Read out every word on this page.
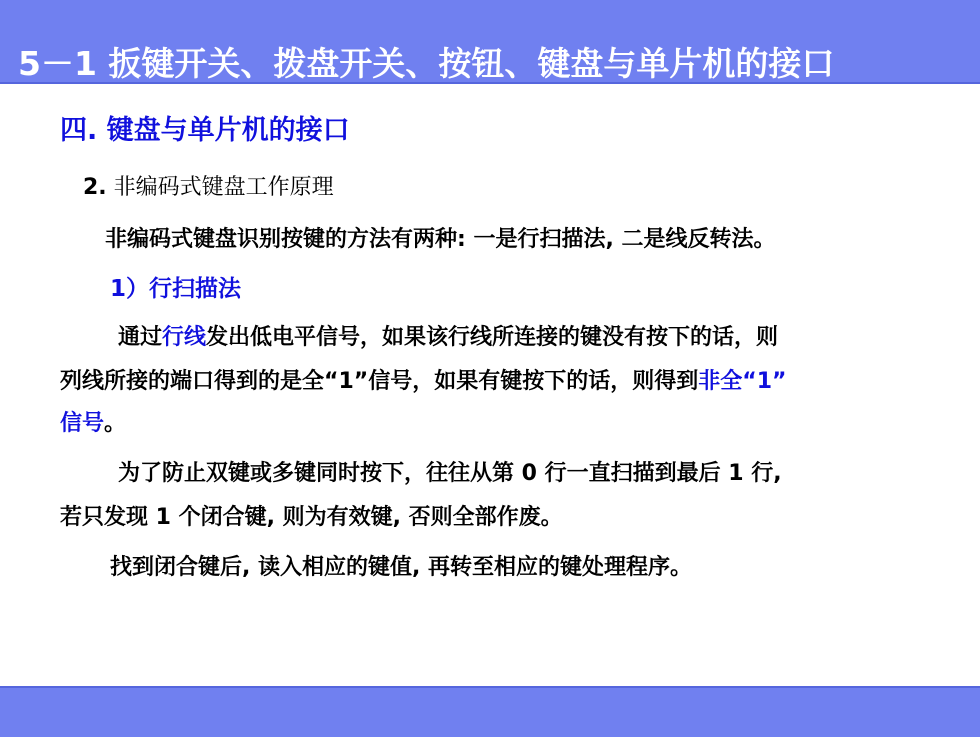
5－1 扳键开关、拨盘开关、按钮、键盘与单片机的接口
四. 键盘与单片机的接口
2. 非编码式键盘工作原理
非编码式键盘识别按键的方法有两种: 一是行扫描法, 二是线反转法。
1）行扫描法
通过行线发出低电平信号，如果该行线所连接的键没有按下的话，则
列线所接的端口得到的是全“1”信号，如果有键按下的话，则得到非全“1”
信号。
为了防止双键或多键同时按下，往往从第 0 行一直扫描到最后 1 行,
若只发现 1 个闭合键, 则为有效键, 否则全部作废。
找到闭合键后, 读入相应的键值, 再转至相应的键处理程序。
